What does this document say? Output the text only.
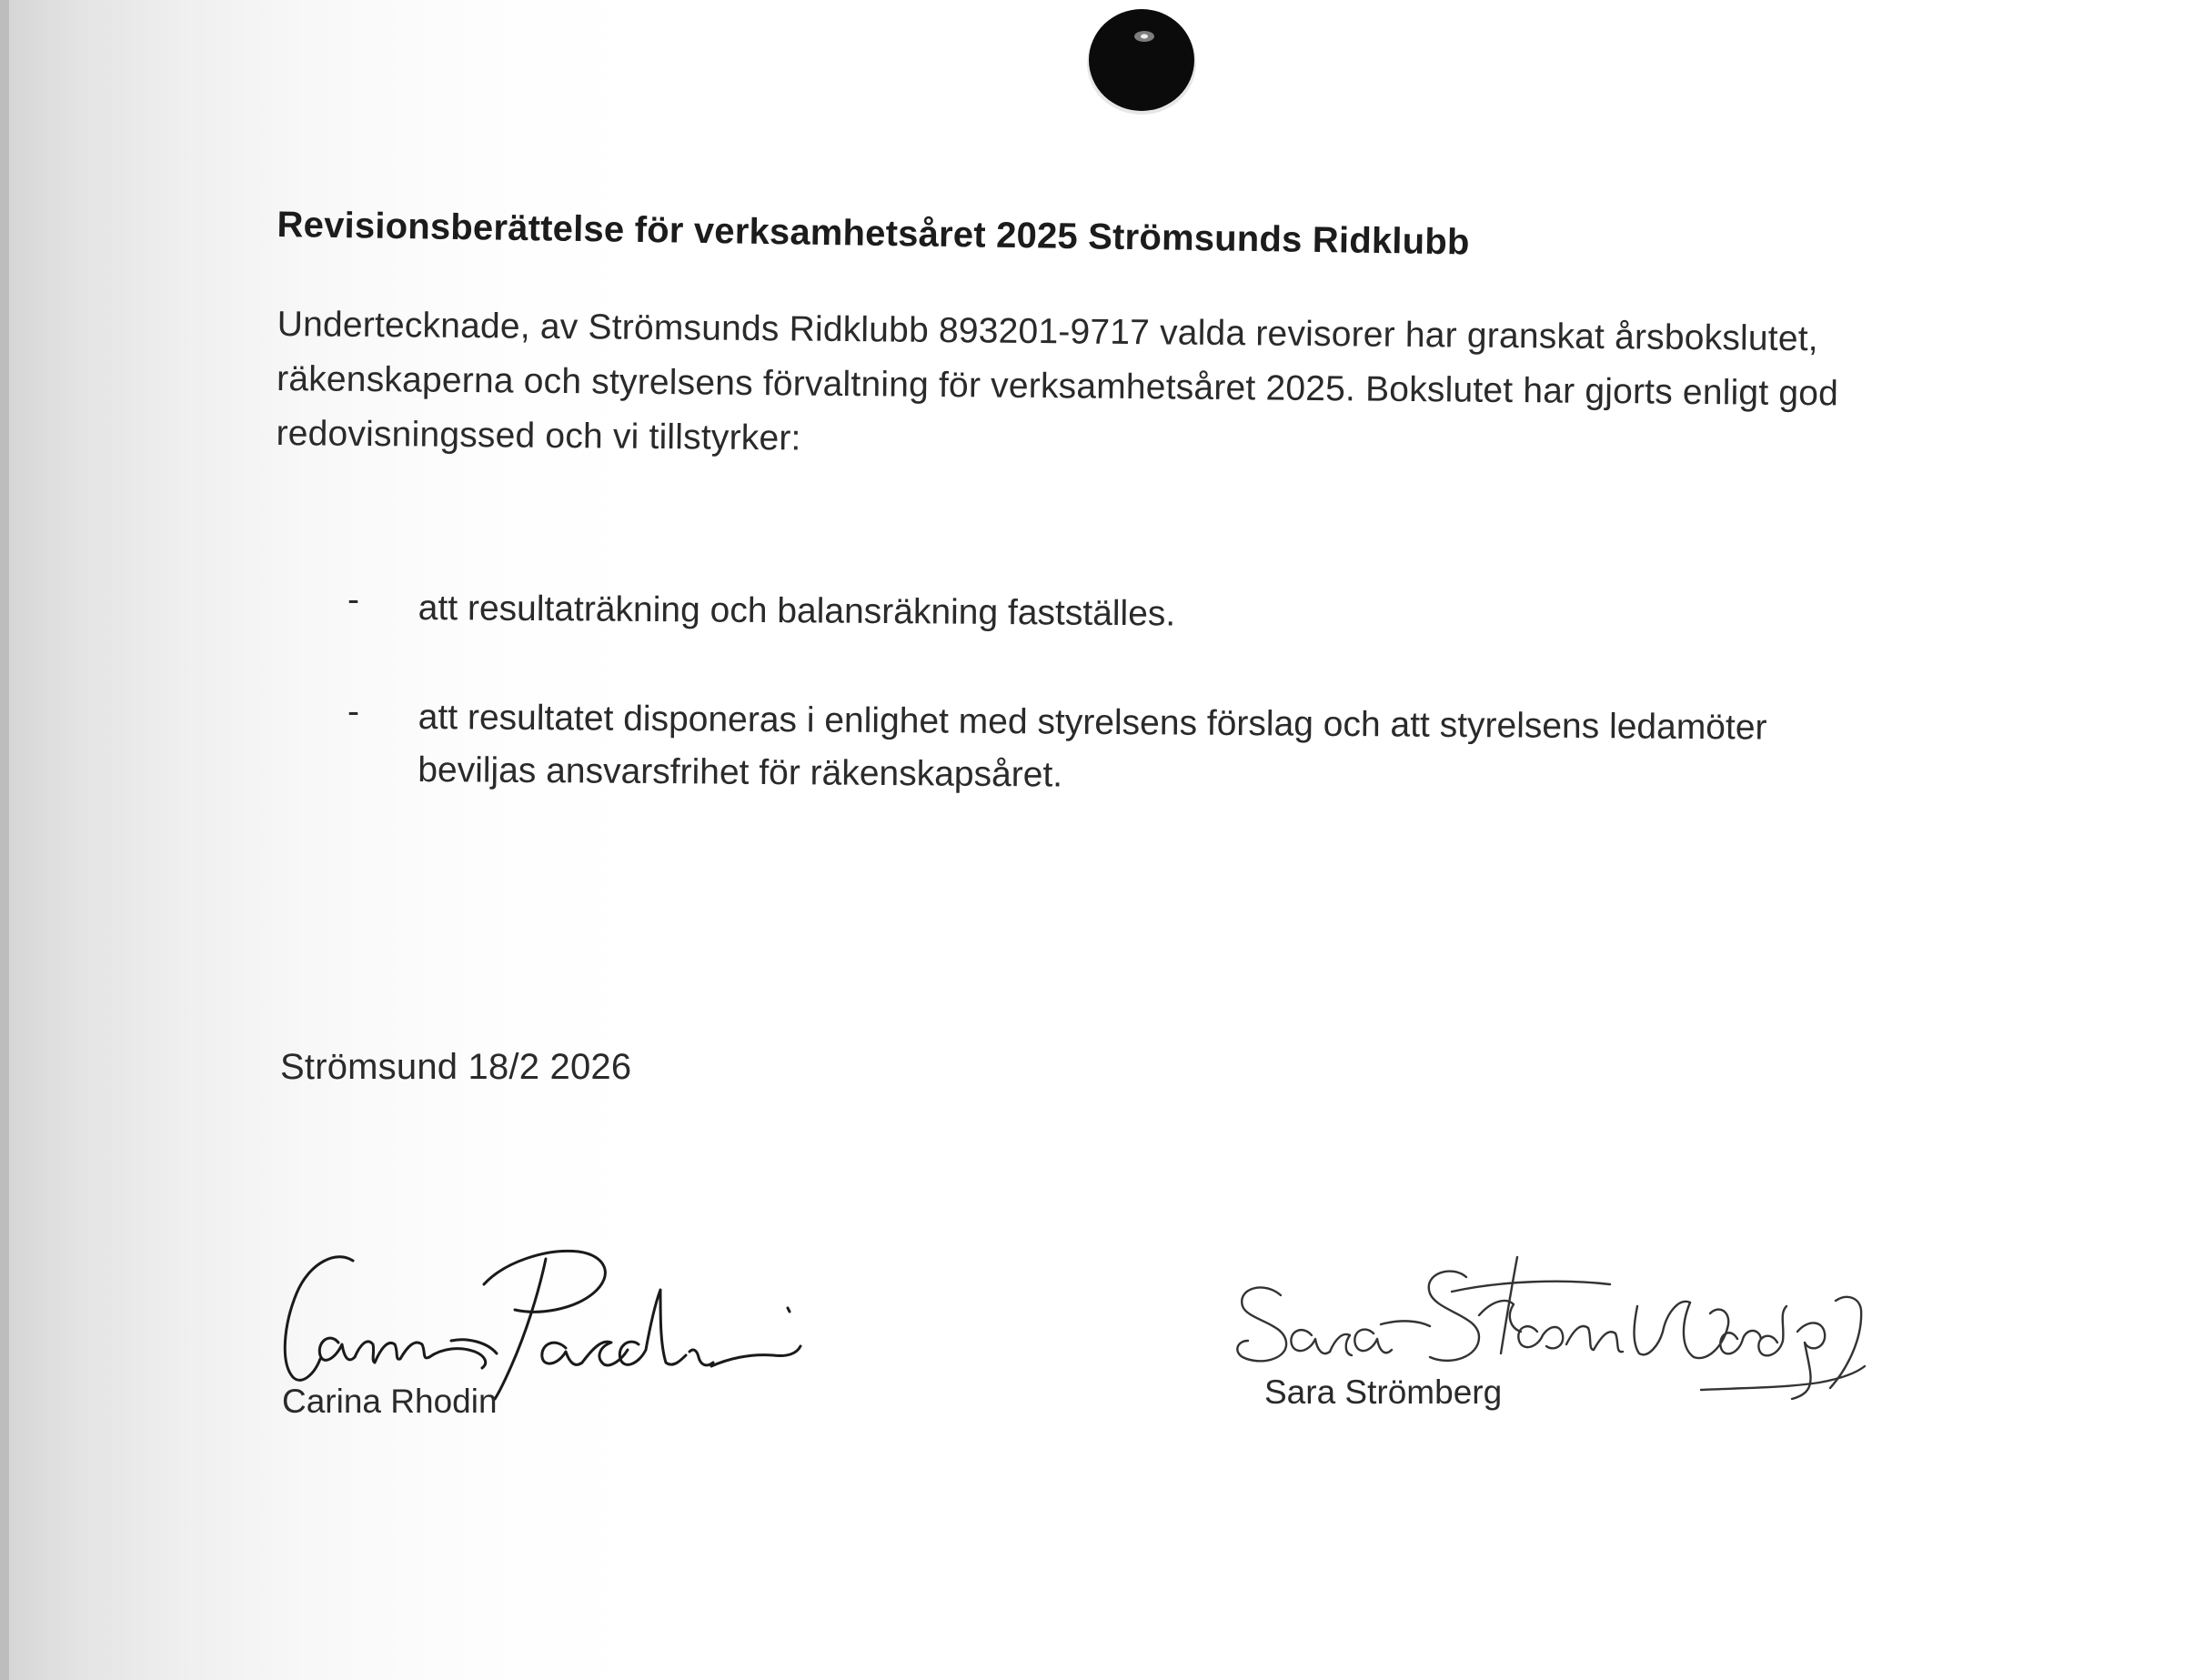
Revisionsberättelse för verksamhetsåret 2025 Strömsunds Ridklubb
Undertecknade, av Strömsunds Ridklubb 893201-9717 valda revisorer har granskat årsbokslutet,
räkenskaperna och styrelsens förvaltning för verksamhetsåret 2025. Bokslutet har gjorts enligt god
redovisningssed och vi tillstyrker:
- att resultaträkning och balansräkning fastställes.
- att resultatet disponeras i enlighet med styrelsens förslag och att styrelsens ledamöter
beviljas ansvarsfrihet för räkenskapsåret.
Strömsund 18/2 2026
Carina Rhodin	Sara Strömberg
